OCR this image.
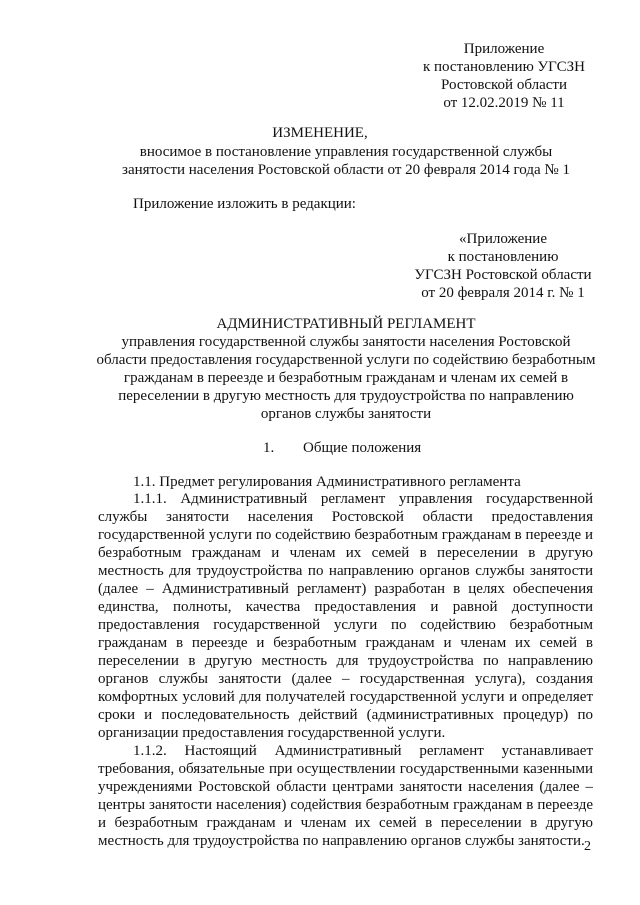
Приложение
к постановлению УГСЗН
Ростовской области
от 12.02.2019 № 11
ИЗМЕНЕНИЕ,
вносимое в постановление управления государственной службы
занятости населения Ростовской области от 20 февраля 2014 года № 1
Приложение изложить в редакции:
«Приложение
к постановлению
УГСЗН Ростовской области
от 20 февраля 2014 г. № 1
АДМИНИСТРАТИВНЫЙ РЕГЛАМЕНТ
управления государственной службы занятости населения Ростовской
области предоставления государственной услуги по содействию безработным
гражданам в переезде и безработным гражданам и членам их семей в
переселении в другую местность для трудоустройства по направлению
органов службы занятости
1. Общие положения
1.1. Предмет регулирования Административного регламента
1.1.1. Административный регламент управления государственной
службы занятости населения Ростовской области предоставления
государственной услуги по содействию безработным гражданам в переезде и
безработным гражданам и членам их семей в переселении в другую
местность для трудоустройства по направлению органов службы занятости
(далее – Административный регламент) разработан в целях обеспечения
единства, полноты, качества предоставления и равной доступности
предоставления государственной услуги по содействию безработным
гражданам в переезде и безработным гражданам и членам их семей в
переселении в другую местность для трудоустройства по направлению
органов службы занятости (далее – государственная услуга), создания
комфортных условий для получателей государственной услуги и определяет
сроки и последовательность действий (административных процедур) по
организации предоставления государственной услуги.
1.1.2. Настоящий Административный регламент устанавливает
требования, обязательные при осуществлении государственными казенными
учреждениями Ростовской области центрами занятости населения (далее –
центры занятости населения) содействия безработным гражданам в переезде
и безработным гражданам и членам их семей в переселении в другую
местность для трудоустройства по направлению органов службы занятости. 2
